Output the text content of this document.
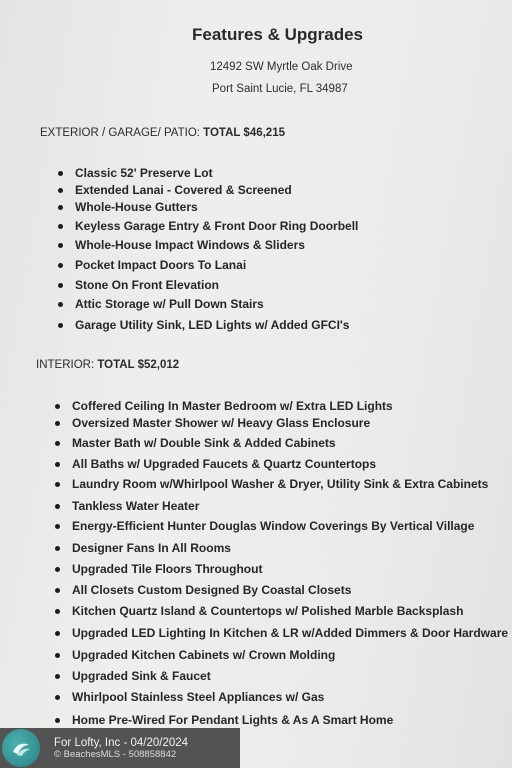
Features & Upgrades
12492 SW Myrtle Oak Drive
Port Saint Lucie, FL 34987
EXTERIOR / GARAGE/ PATIO: TOTAL $46,215
Classic 52' Preserve Lot
Extended Lanai - Covered & Screened
Whole-House Gutters
Keyless Garage Entry & Front Door Ring Doorbell
Whole-House Impact Windows & Sliders
Pocket Impact Doors To Lanai
Stone On Front Elevation
Attic Storage w/ Pull Down Stairs
Garage Utility Sink, LED Lights w/ Added GFCI's
INTERIOR: TOTAL $52,012
Coffered Ceiling In Master Bedroom w/ Extra LED Lights
Oversized Master Shower w/ Heavy Glass Enclosure
Master Bath w/ Double Sink & Added Cabinets
All Baths w/ Upgraded Faucets & Quartz Countertops
Laundry Room w/Whirlpool Washer & Dryer, Utility Sink & Extra Cabinets
Tankless Water Heater
Energy-Efficient Hunter Douglas Window Coverings By Vertical Village
Designer Fans In All Rooms
Upgraded Tile Floors Throughout
All Closets Custom Designed By Coastal Closets
Kitchen Quartz Island & Countertops w/ Polished Marble Backsplash
Upgraded LED Lighting In Kitchen & LR w/Added Dimmers & Door Hardware
Upgraded Kitchen Cabinets w/ Crown Molding
Upgraded Sink & Faucet
Whirlpool Stainless Steel Appliances w/ Gas
Home Pre-Wired For Pendant Lights & As A Smart Home
For Lofty, Inc - 04/20/2024
© BeachesMLS - 508858842
